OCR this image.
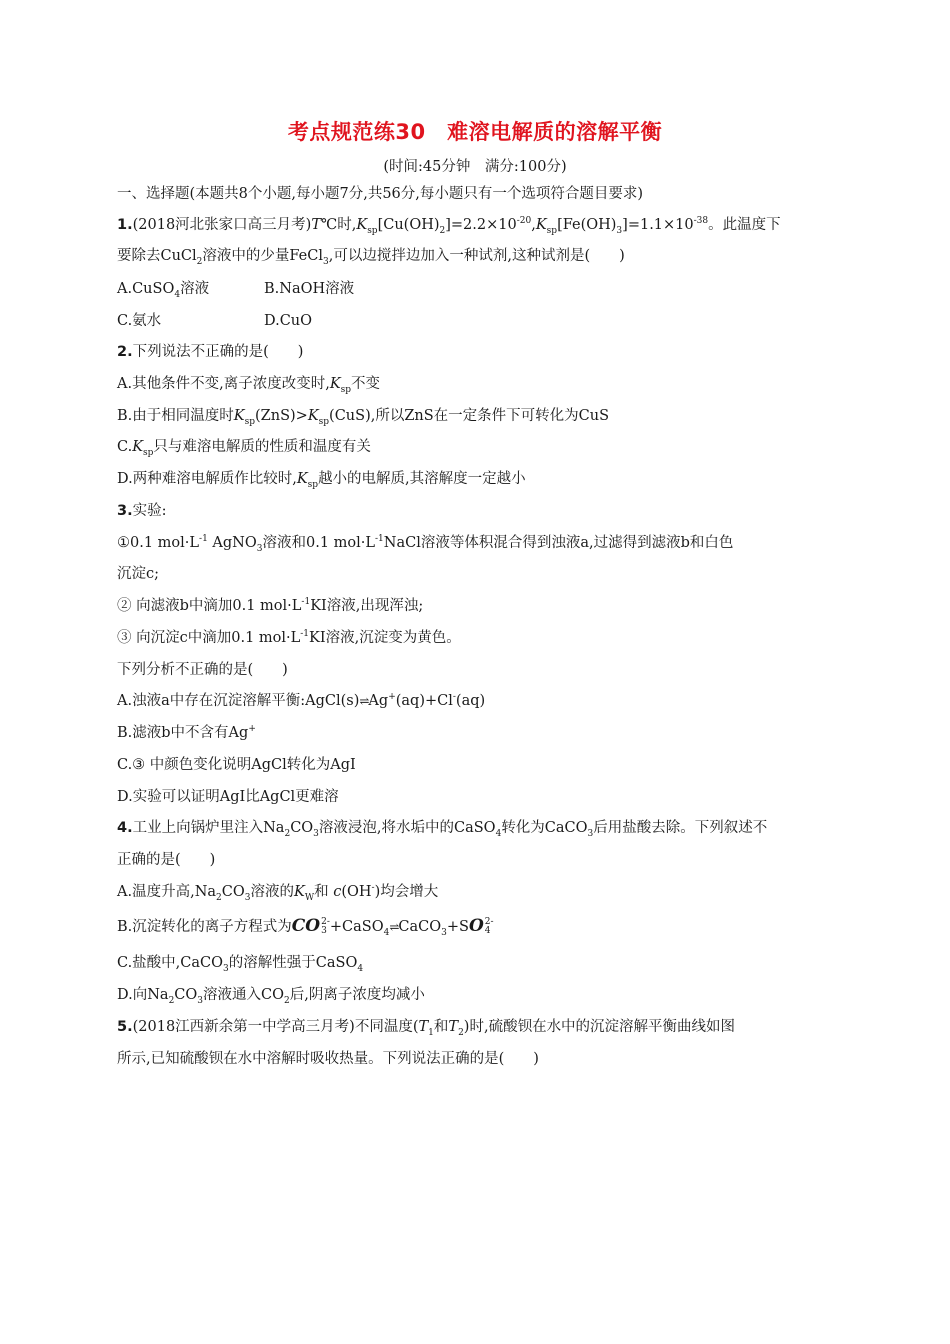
考点规范练30　难溶电解质的溶解平衡
(时间:45分钟　满分:100分)
一、选择题(本题共8个小题,每小题7分,共56分,每小题只有一个选项符合题目要求)
1.(2018河北张家口高三月考)T℃时$,K_{sp}[Cu(OH)_2]=2.2\times 10^{-20},K_{sp}[Fe(OH)_3]=1.1\times 10^{-38}$。此温度下
要除去CuCl$_2$溶液中的少量FeCl$_3$,可以边搅拌边加入一种试剂,这种试剂是(　　)
A.CuSO$_4$溶液	B.NaOH溶液
C.氨水	D.CuO
2.下列说法不正确的是(　　)
A.其他条件不变,离子浓度改变时$,K_{sp}$不变
B.由于相同温度时$K_{sp}(ZnS)>K_{sp}(CuS)$,所以ZnS在一定条件下可转化为CuS
$C.K_{sp}$只与难溶电解质的性质和温度有关
D.两种难溶电解质作比较时$,K_{sp}$越小的电解质,其溶解度一定越小
3.实验:
①0.1 $mol\cdot L^{-1}$ AgNO$_3$溶液和0.1 $mol\cdot L^{-1}NaCl$溶液等体积混合得到浊液a,过滤得到滤液b和白色
沉淀c;
② 向滤液b中滴加0.1 $mol\cdot L^{-1}KI$溶液,出现浑浊;
③ 向沉淀c中滴加0.1 $mol\cdot L^{-1}KI$溶液,沉淀变为黄色。
下列分析不正确的是(　　)
A.浊液a中存在沉淀溶解平衡:AgCl(s)⇌Ag+(aq)+Cl-(aq)
B.滤液b中不含有Ag+
C.③ 中颜色变化说明AgCl转化为AgI
D.实验可以证明AgI比AgCl更难溶
4.工业上向锅炉里注入$Na_2CO_3$溶液浸泡,将水垢中的CaSO$_4$转化为CaCO$_3$后用盐酸去除。下列叙述不
正确的是(　　)
A.温度升高$,Na_2CO_3$溶液的$K_W$和 c(OH-)均会增大
B.沉淀转化的离子方程式为CO 2-
3 +CaSO$_4$⇌CaCO$_3$+SO 2-
4
C.盐酸中,CaCO$_3$的溶解性强于CaSO$_4$
D.向$Na_2CO_3$溶液通入$CO_2$后,阴离子浓度均减小
5.(2018江西新余第一中学高三月考)不同温度($T_1$和$T_2$)时,硫酸钡在水中的沉淀溶解平衡曲线如图
所示,已知硫酸钡在水中溶解时吸收热量。下列说法正确的是(　　)
